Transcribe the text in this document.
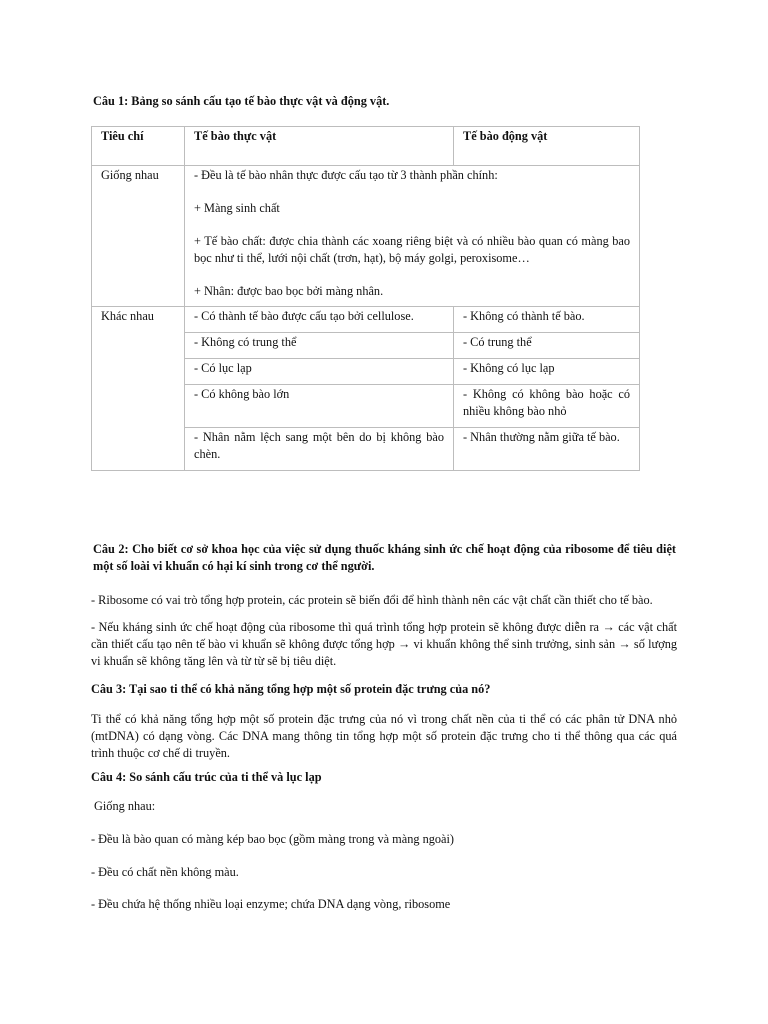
Câu 1: Bảng so sánh cấu tạo tế bào thực vật và động vật.
Tiêu chí	Tế bào thực vật	Tế bào động vật
Giống nhau	- Đều là tế bào nhân thực được cấu tạo từ 3 thành phần chính:

+ Màng sinh chất

+ Tế bào chất: được chia thành các xoang riêng biệt và có nhiều bào quan có màng bao bọc như ti thể, lưới nội chất (trơn, hạt), bộ máy golgi, peroxisome…

+ Nhân: được bao bọc bởi màng nhân.	

Khác nhau	- Có thành tế bào được cấu tạo bởi cellulose.	- Không có thành tế bào.
	- Không có trung thể	- Có trung thể
	- Có lục lạp	- Không có lục lạp
	- Có không bào lớn	- Không có không bào hoặc có nhiều không bào nhỏ
	- Nhân nằm lệch sang một bên do bị không bào chèn.	- Nhân thường nằm giữa tế bào.
Câu 2: Cho biết cơ sở khoa học của việc sử dụng thuốc kháng sinh ức chế hoạt động của ribosome để tiêu diệt một số loài vi khuẩn có hại kí sinh trong cơ thể người.
- Ribosome có vai trò tổng hợp protein, các protein sẽ biến đổi để hình thành nên các vật chất cần thiết cho tế bào.
- Nếu kháng sinh ức chế hoạt động của ribosome thì quá trình tổng hợp protein sẽ không được diễn ra → các vật chất cần thiết cấu tạo nên tế bào vi khuẩn sẽ không được tổng hợp → vi khuẩn không thể sinh trưởng, sinh sản → số lượng vi khuẩn sẽ không tăng lên và từ từ sẽ bị tiêu diệt.
Câu 3: Tại sao ti thể có khả năng tổng hợp một số protein đặc trưng của nó?
Ti thể có khả năng tổng hợp một số protein đặc trưng của nó vì trong chất nền của ti thể có các phân tử DNA nhỏ (mtDNA) có dạng vòng. Các DNA mang thông tin tổng hợp một số protein đặc trưng cho ti thể thông qua các quá trình thuộc cơ chế di truyền.
Câu 4: So sánh cấu trúc của ti thể và lục lạp
Giống nhau:
- Đều là bào quan có màng kép bao bọc (gồm màng trong và màng ngoài)
- Đều có chất nền không màu.
- Đều chứa hệ thống nhiều loại enzyme; chứa DNA dạng vòng, ribosome
